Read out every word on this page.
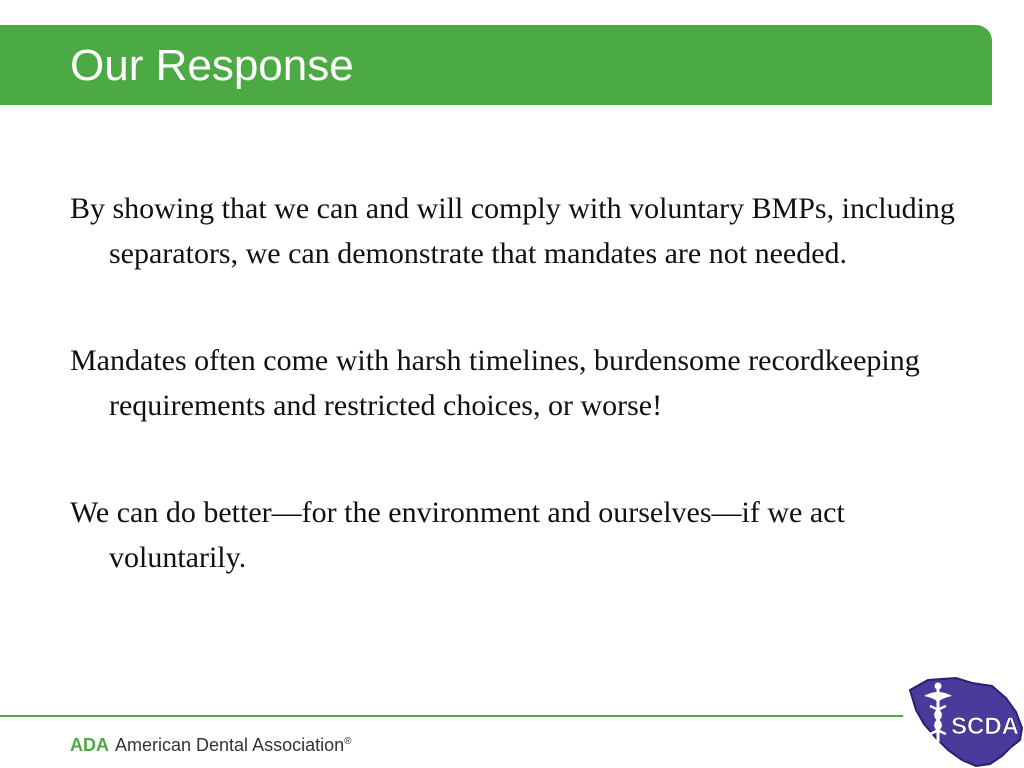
Our Response

By showing that we can and will comply with voluntary BMPs, including separators, we can demonstrate that mandates are not needed.

Mandates often come with harsh timelines, burdensome recordkeeping requirements and restricted choices, or worse!

We can do better—for the environment and ourselves—if we act voluntarily.

ADA American Dental Association®
SCDA
